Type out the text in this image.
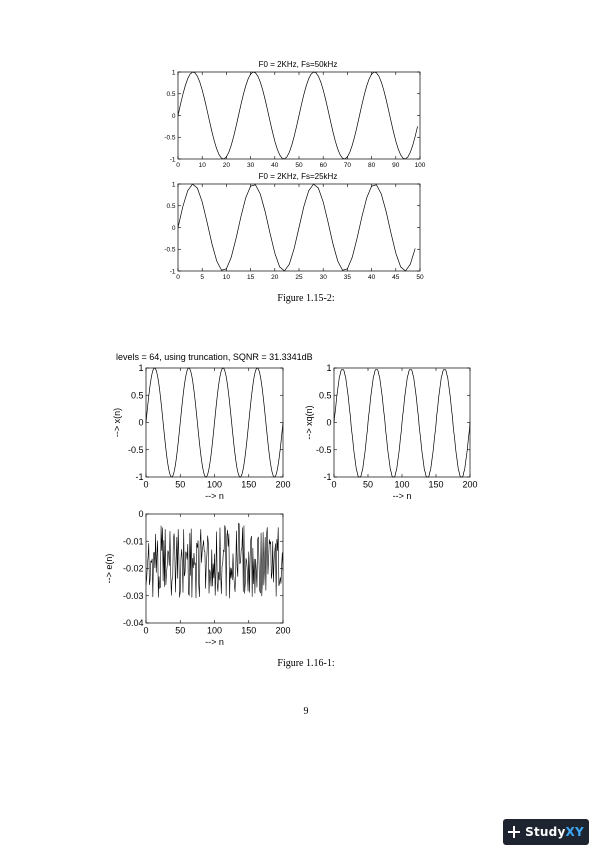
F0 = 2KHz, Fs=50kHz
0	10	20	30	40	50	60	70	80	90 100
-1
-0.5
0
0.5
1
F0 = 2KHz, Fs=25kHz
0	5	10	15	20	25	30	35	40	45	50
-1
-0.5
0
0.5
1
Figure 1.15-2:
levels = 64, using truncation, SQNR = 31.3341dB
0	50 100 150 200
-1
-0.5
0
0.5
1
--> n
--> x(n)
0	50 100 150 200
-1
-0.5
0
0.5
1
--> n
--> xq(n)
0	50 100 150 200
-0.04
-0.03
-0.02
-0.01
0
--> n
--> e(n)
Figure 1.16-1:
9
StudyXY
